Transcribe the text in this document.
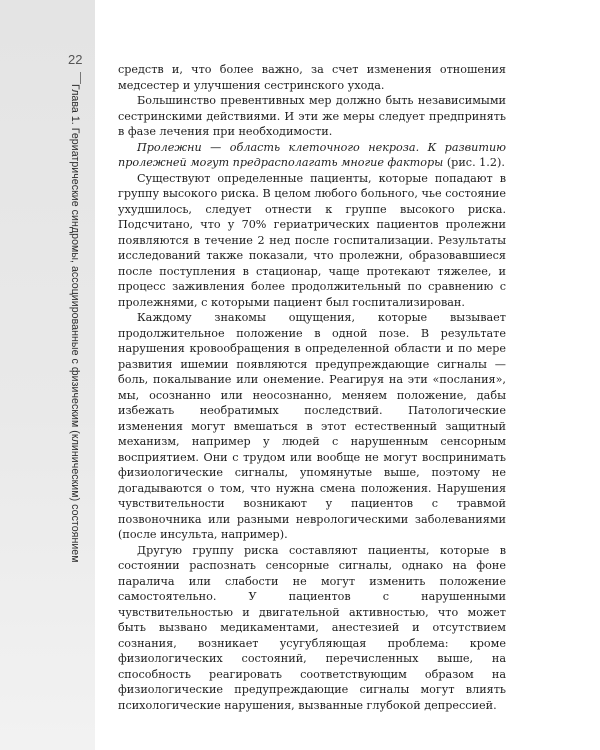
22
Глава 1. Гериатрические синдромы, ассоциированные с физическим (клиническим) состоянием

средств и, что более важно, за счет изменения отношения медсестер и улучшения сестринского ухода.

Большинство превентивных мер должно быть независимыми сестринскими действиями. И эти же меры следует предпринять в фазе лечения при необходимости.

Пролежни — область клеточного некроза. К развитию пролежней могут предрасполагать многие факторы (рис. 1.2).

Существуют определенные пациенты, которые попадают в группу высокого риска. В целом любого больного, чье состояние ухудшилось, следует отнести к группе высокого риска. Подсчитано, что у 70% гериатрических пациентов пролежни появляются в течение 2 нед после госпитализации. Результаты исследований также показали, что пролежни, образовавшиеся после поступления в стационар, чаще протекают тяжелее, и процесс заживления более продолжительный по сравнению с пролежнями, с которыми пациент был госпитализирован.

Каждому знакомы ощущения, которые вызывает продолжительное положение в одной позе. В результате нарушения кровообращения в определенной области и по мере развития ишемии появляются предупреждающие сигналы — боль, покалывание или онемение. Реагируя на эти «послания», мы, осознанно или неосознанно, меняем положение, дабы избежать необратимых последствий. Патологические изменения могут вмешаться в этот естественный защитный механизм, например у людей с нарушенным сенсорным восприятием. Они с трудом или вообще не могут воспринимать физиологические сигналы, упомянутые выше, поэтому не догадываются о том, что нужна смена положения. Нарушения чувствительности возникают у пациентов с травмой позвоночника или разными неврологическими заболеваниями (после инсульта, например).

Другую группу риска составляют пациенты, которые в состоянии распознать сенсорные сигналы, однако на фоне паралича или слабости не могут изменить положение самостоятельно. У пациентов с нарушенными чувствительностью и двигательной активностью, что может быть вызвано медикаментами, анестезией и отсутствием сознания, возникает усугубляющая проблема: кроме физиологических состояний, перечисленных выше, на способность реагировать соответствующим образом на физиологические предупреждающие сигналы могут влиять психологические нарушения, вызванные глубокой депрессией.
